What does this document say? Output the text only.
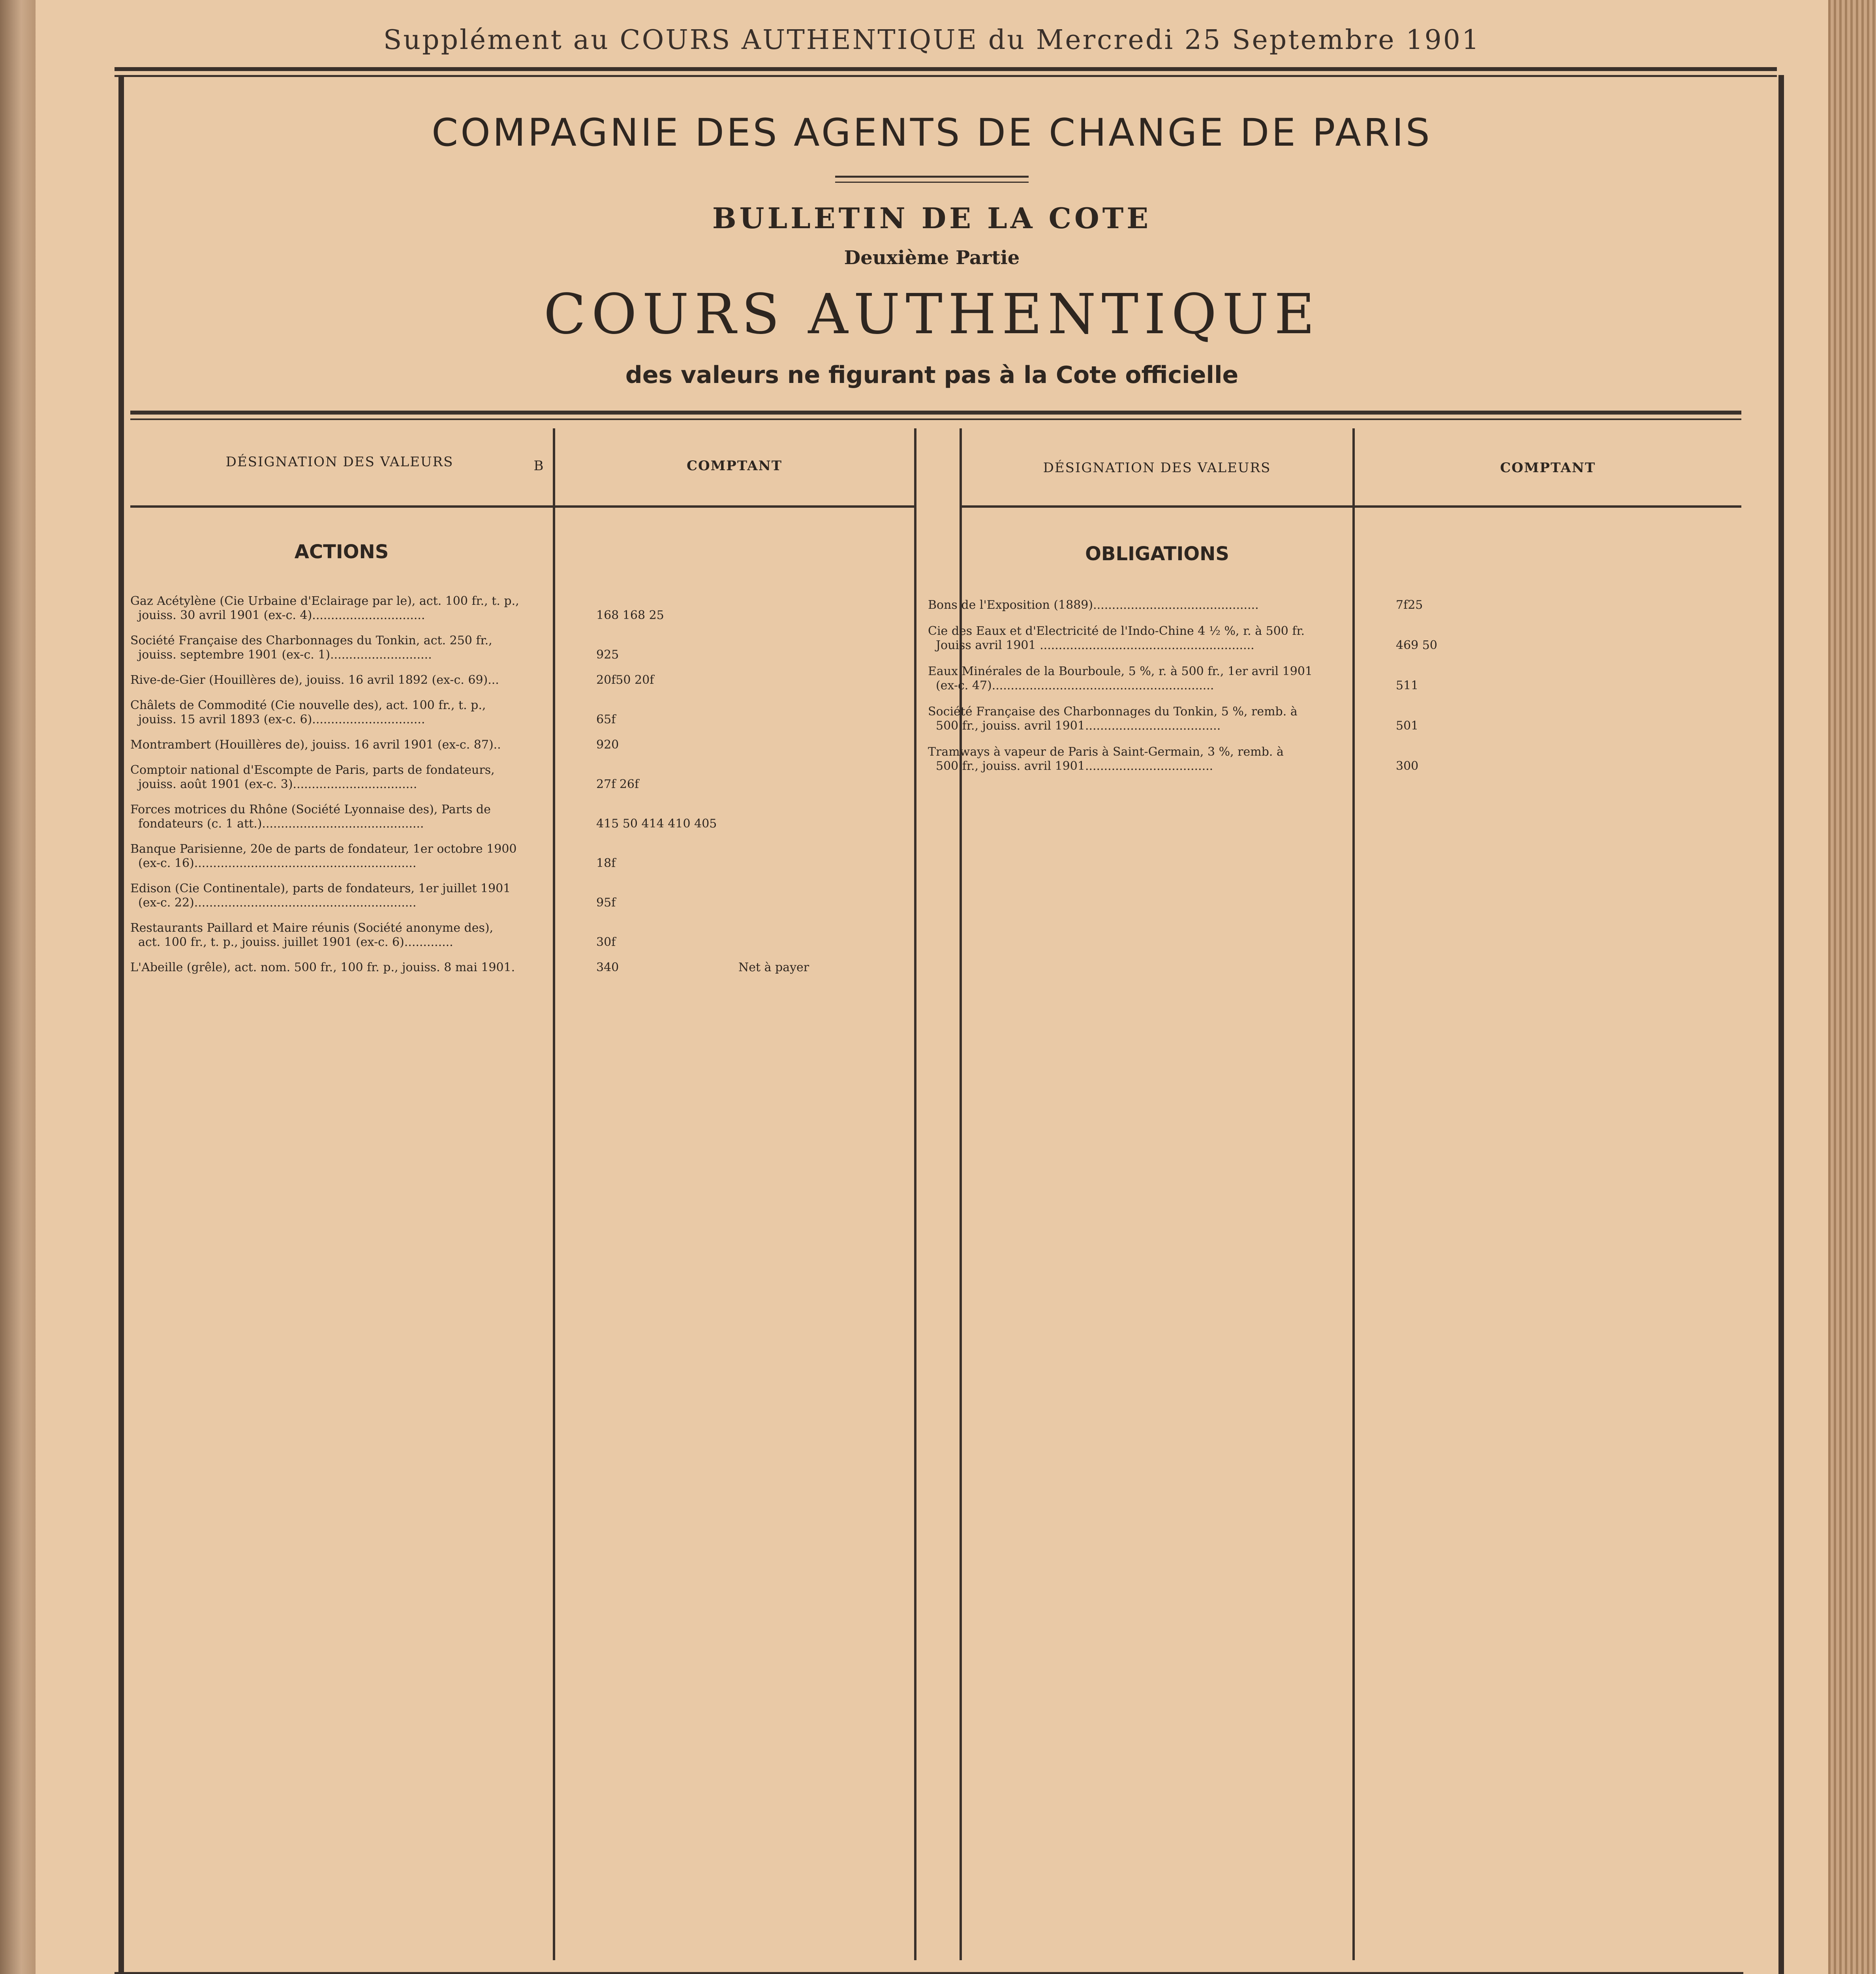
Supplément au COURS AUTHENTIQUE du Mercredi 25 Septembre 1901
COMPAGNIE DES AGENTS DE CHANGE DE PARIS
BULLETIN DE LA COTE
Deuxième Partie
COURS AUTHENTIQUE
des valeurs ne figurant pas à la Cote officielle
DÉSIGNATION DES VALEURS	B	COMPTANT	DÉSIGNATION DES VALEURS	COMPTANT
ACTIONS	OBLIGATIONS
Gaz Acétylène (Cie Urbaine d'Eclairage par le), act. 100 fr., t. p.,
jouiss. 30 avril 1901 (ex-c. 4)..............................	168 168 25
Société Française des Charbonnages du Tonkin, act. 250 fr.,
jouiss. septembre 1901 (ex-c. 1)...........................	925
Rive-de-Gier (Houillères de), jouiss. 16 avril 1892 (ex-c. 69)...	20f50 20f
Châlets de Commodité (Cie nouvelle des), act. 100 fr., t. p.,
jouiss. 15 avril 1893 (ex-c. 6)..............................	65f
Montrambert (Houillères de), jouiss. 16 avril 1901 (ex-c. 87)..	920
Comptoir national d'Escompte de Paris, parts de fondateurs,
jouiss. août 1901 (ex-c. 3).................................	27f 26f
Forces motrices du Rhône (Société Lyonnaise des), Parts de
fondateurs (c. 1 att.)...........................................	415 50 414 410 405
Banque Parisienne, 20e de parts de fondateur, 1er octobre 1900
(ex-c. 16)...........................................................	18f
Edison (Cie Continentale), parts de fondateurs, 1er juillet 1901
(ex-c. 22)...........................................................	95f
Restaurants Paillard et Maire réunis (Société anonyme des),
act. 100 fr., t. p., jouiss. juillet 1901 (ex-c. 6).............	30f
L'Abeille (grêle), act. nom. 500 fr., 100 fr. p., jouiss. 8 mai 1901.	340	Net à payer
Bons de l'Exposition (1889)............................................	7f25
Cie des Eaux et d'Electricité de l'Indo-Chine 4 ½ %, r. à 500 fr.
Jouiss avril 1901 .........................................................	469 50
Eaux Minérales de la Bourboule, 5 %, r. à 500 fr., 1er avril 1901
(ex-c. 47)...........................................................	511
Société Française des Charbonnages du Tonkin, 5 %, remb. à
500 fr., jouiss. avril 1901....................................	501
Tramways à vapeur de Paris à Saint-Germain, 3 %, remb. à
500 fr., jouiss. avril 1901..................................	300
